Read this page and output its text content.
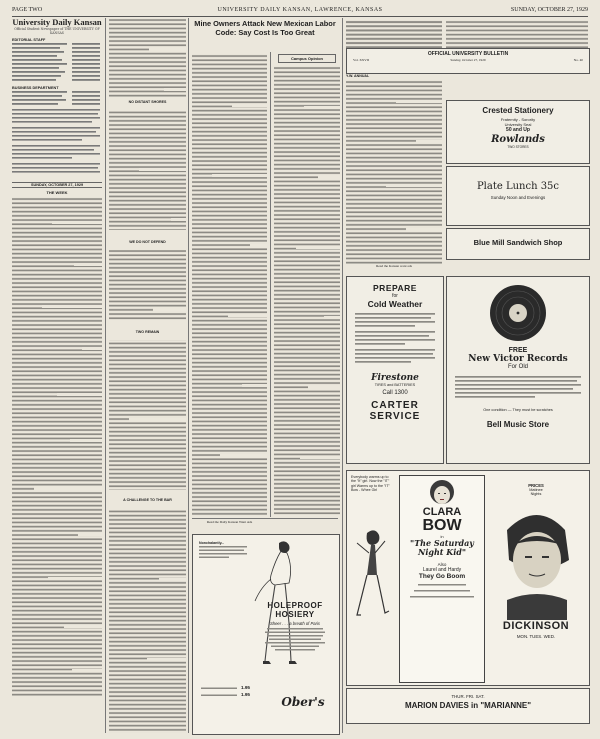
PAGE TWO	UNIVERSITY DAILY KANSAN, LAWRENCE, KANSAS	SUNDAY, OCTOBER 27, 1929
University Daily Kansan
Official Student Newspaper of THE UNIVERSITY OF KANSAS
EDITORIAL STAFF
BUSINESS DEPARTMENT
SUNDAY, OCTOBER 27, 1929
THE WEEK
NO DISTANT SHORES
WE DO NOT DEFEND
TWO REMAIN
A CHALLENGE TO THE BAR
Mine Owners Attack New Mexican Labor Code: Say Cost Is Too Great
Campus Opinion
Read the Daily Kansan Want Ads
OFFICIAL UNIVERSITY BULLETIN
Vol. XXVII	Sunday, October 27, 1929	No. 40
Y.W. ANNUAL
Read the Kansan want ads
Crested Stationery
Fraternity - Sorority
University Seal
50 and Up
Rowlands
TWO STORES
Plate Lunch 35c
Sunday Noon and Evenings
Blue Mill Sandwich Shop
PREPARE
for
Cold Weather
Firestone
TIRES and BATTERIES
Call 1300
CARTER
SERVICE
FREE
New Victor Records
For Old
One condition — They must be scratches
Bell Music Store
Nonchalantly...
HOLEPROOF
HOSIERY
Sheer . . . a breath of Paris
1.95
1.95
Ober's
Everybody warms up to the "It" girl. Now the "IT" girl Warms up to the "IT" Bow - Whee Girl
CLARA
BOW
in
"The Saturday Night Kid"
Also
Laurel and Hardy
They Go Boom
PRICES
Matinee
Nights
DICKINSON
MON. TUES. WED.
THUR. FRI. SAT.
MARION DAVIES in "MARIANNE"
